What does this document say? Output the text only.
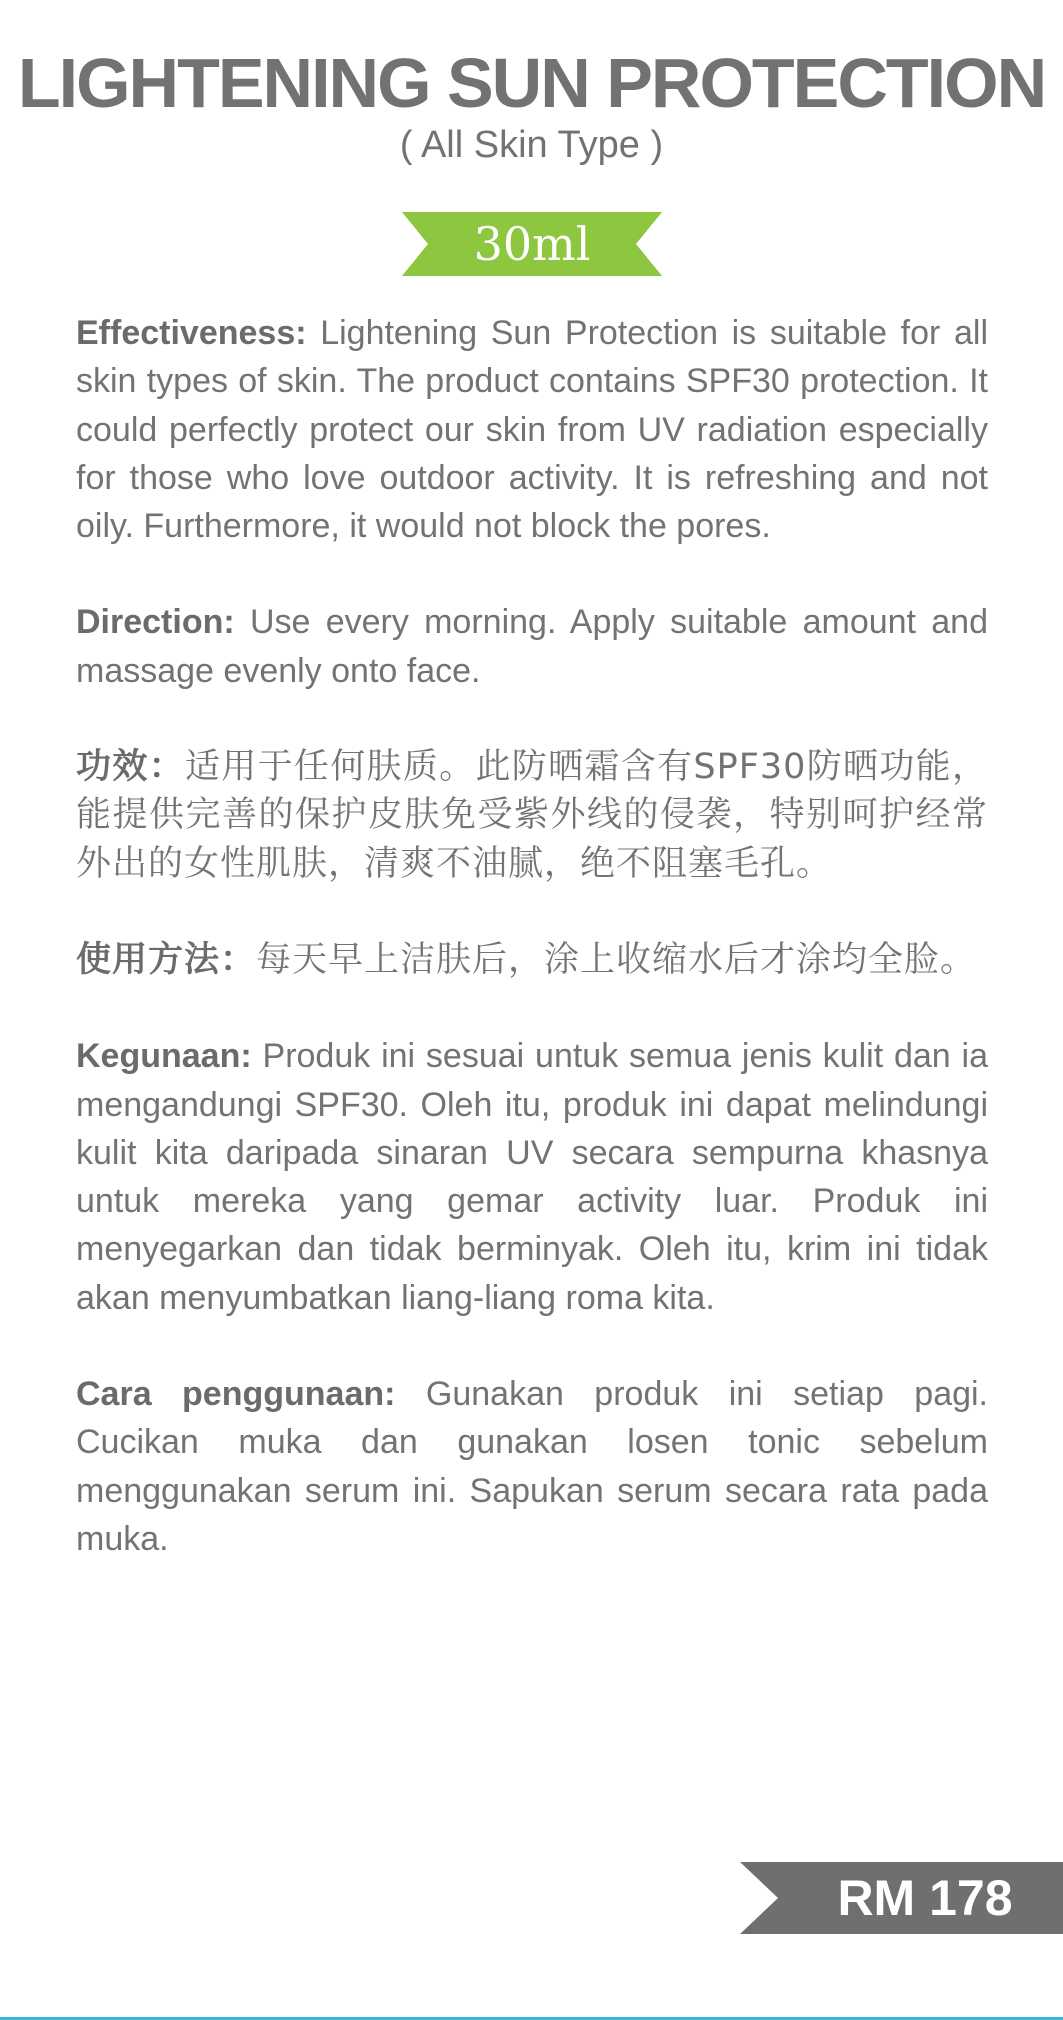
LIGHTENING SUN PROTECTION
( All Skin Type )
30ml

Effectiveness: Lightening Sun Protection is suitable for all skin types of skin. The product contains SPF30 protection. It could perfectly protect our skin from UV radiation especially for those who love outdoor activity. It is refreshing and not oily. Furthermore, it would not block the pores.

Direction: Use every morning. Apply suitable amount and massage evenly onto face.

功效：适用于任何肤质。此防晒霜含有SPF30防晒功能，能提供完善的保护皮肤免受紫外线的侵袭，特别呵护经常外出的女性肌肤，清爽不油腻，绝不阻塞毛孔。

使用方法：每天早上洁肤后，涂上收缩水后才涂均全脸。

Kegunaan: Produk ini sesuai untuk semua jenis kulit dan ia mengandungi SPF30. Oleh itu, produk ini dapat melindungi kulit kita daripada sinaran UV secara sempurna khasnya untuk mereka yang gemar activity luar. Produk ini menyegarkan dan tidak berminyak. Oleh itu, krim ini tidak akan menyumbatkan liang-liang roma kita.

Cara penggunaan: Gunakan produk ini setiap pagi. Cucikan muka dan gunakan losen tonic sebelum menggunakan serum ini. Sapukan serum secara rata pada muka.

RM 178
